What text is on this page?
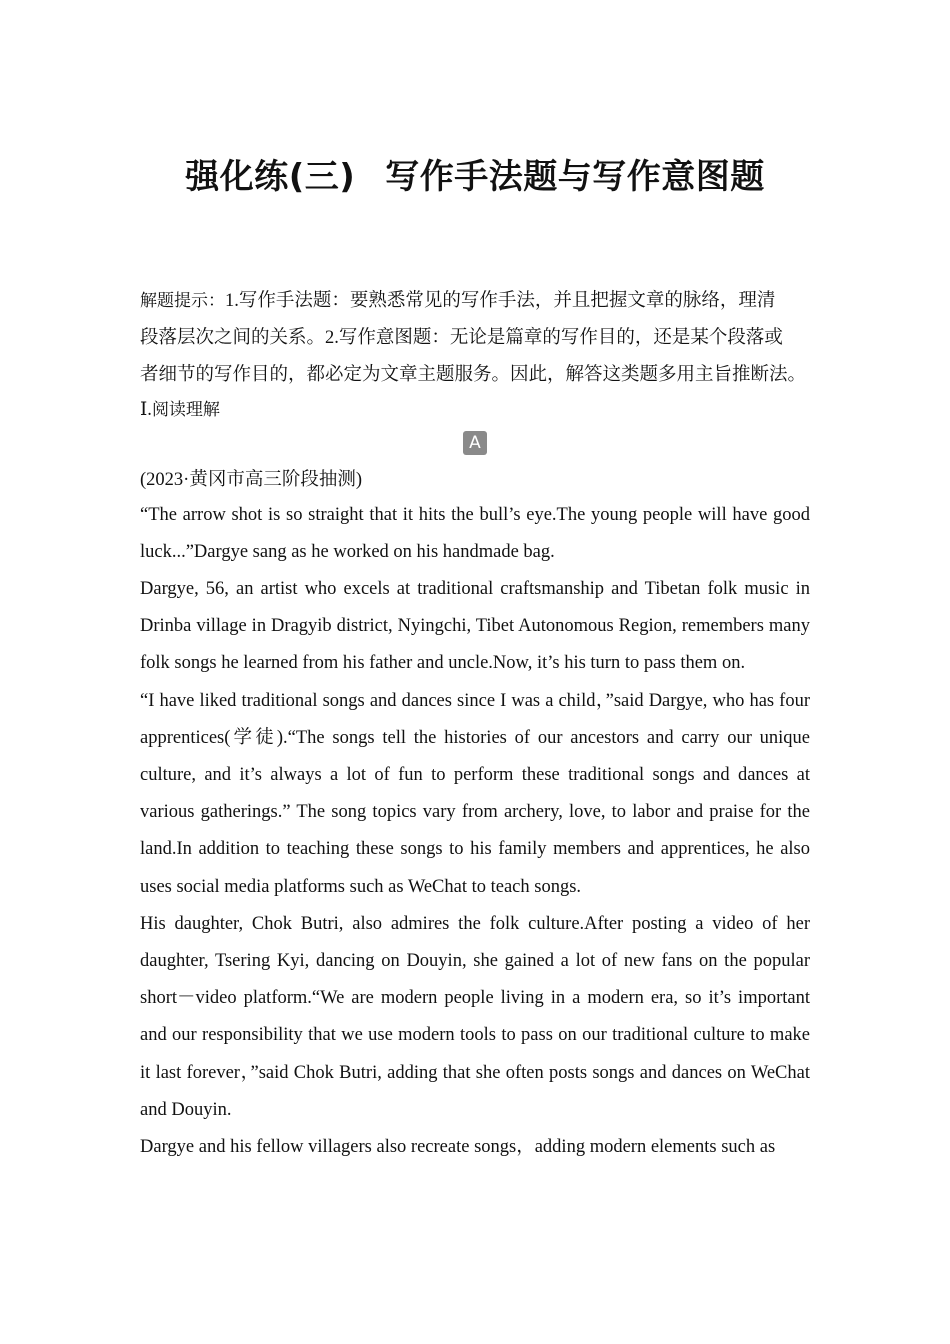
强化练(三) 写作手法题与写作意图题

解题提示：1.写作手法题：要熟悉常见的写作手法，并且把握文章的脉络，理清

段落层次之间的关系。2.写作意图题：无论是篇章的写作目的，还是某个段落或

者细节的写作目的，都必定为文章主题服务。因此，解答这类题多用主旨推断法。

Ⅰ.阅读理解

A

(2023·黄冈市高三阶段抽测)

“The arrow shot is so straight that it hits the bull’s eye.The young people will have good luck...”Dargye sang as he worked on his handmade bag.

Dargye, 56, an artist who excels at traditional craftsmanship and Tibetan folk music in Drinba village in Dragyib district, Nyingchi, Tibet Autonomous Region, remembers many folk songs he learned from his father and uncle.Now, it’s his turn to pass them on.

“I have liked traditional songs and dances since I was a child，”said Dargye, who has four apprentices(学徒).“The songs tell the histories of our ancestors and carry our unique culture, and it’s always a lot of fun to perform these traditional songs and dances at various gatherings.” The song topics vary from archery, love, to labor and praise for the land.In addition to teaching these songs to his family members and apprentices, he also uses social media platforms such as WeChat to teach songs.

His daughter, Chok Butri, also admires the folk culture.After posting a video of her daughter, Tsering Kyi, dancing on Douyin, she gained a lot of new fans on the popular short－video platform.“We are modern people living in a modern era, so it’s important and our responsibility that we use modern tools to pass on our traditional culture to make it last forever，”said Chok Butri, adding that she often posts songs and dances on WeChat and Douyin.

Dargye and his fellow villagers also recreate songs，adding modern elements such as
